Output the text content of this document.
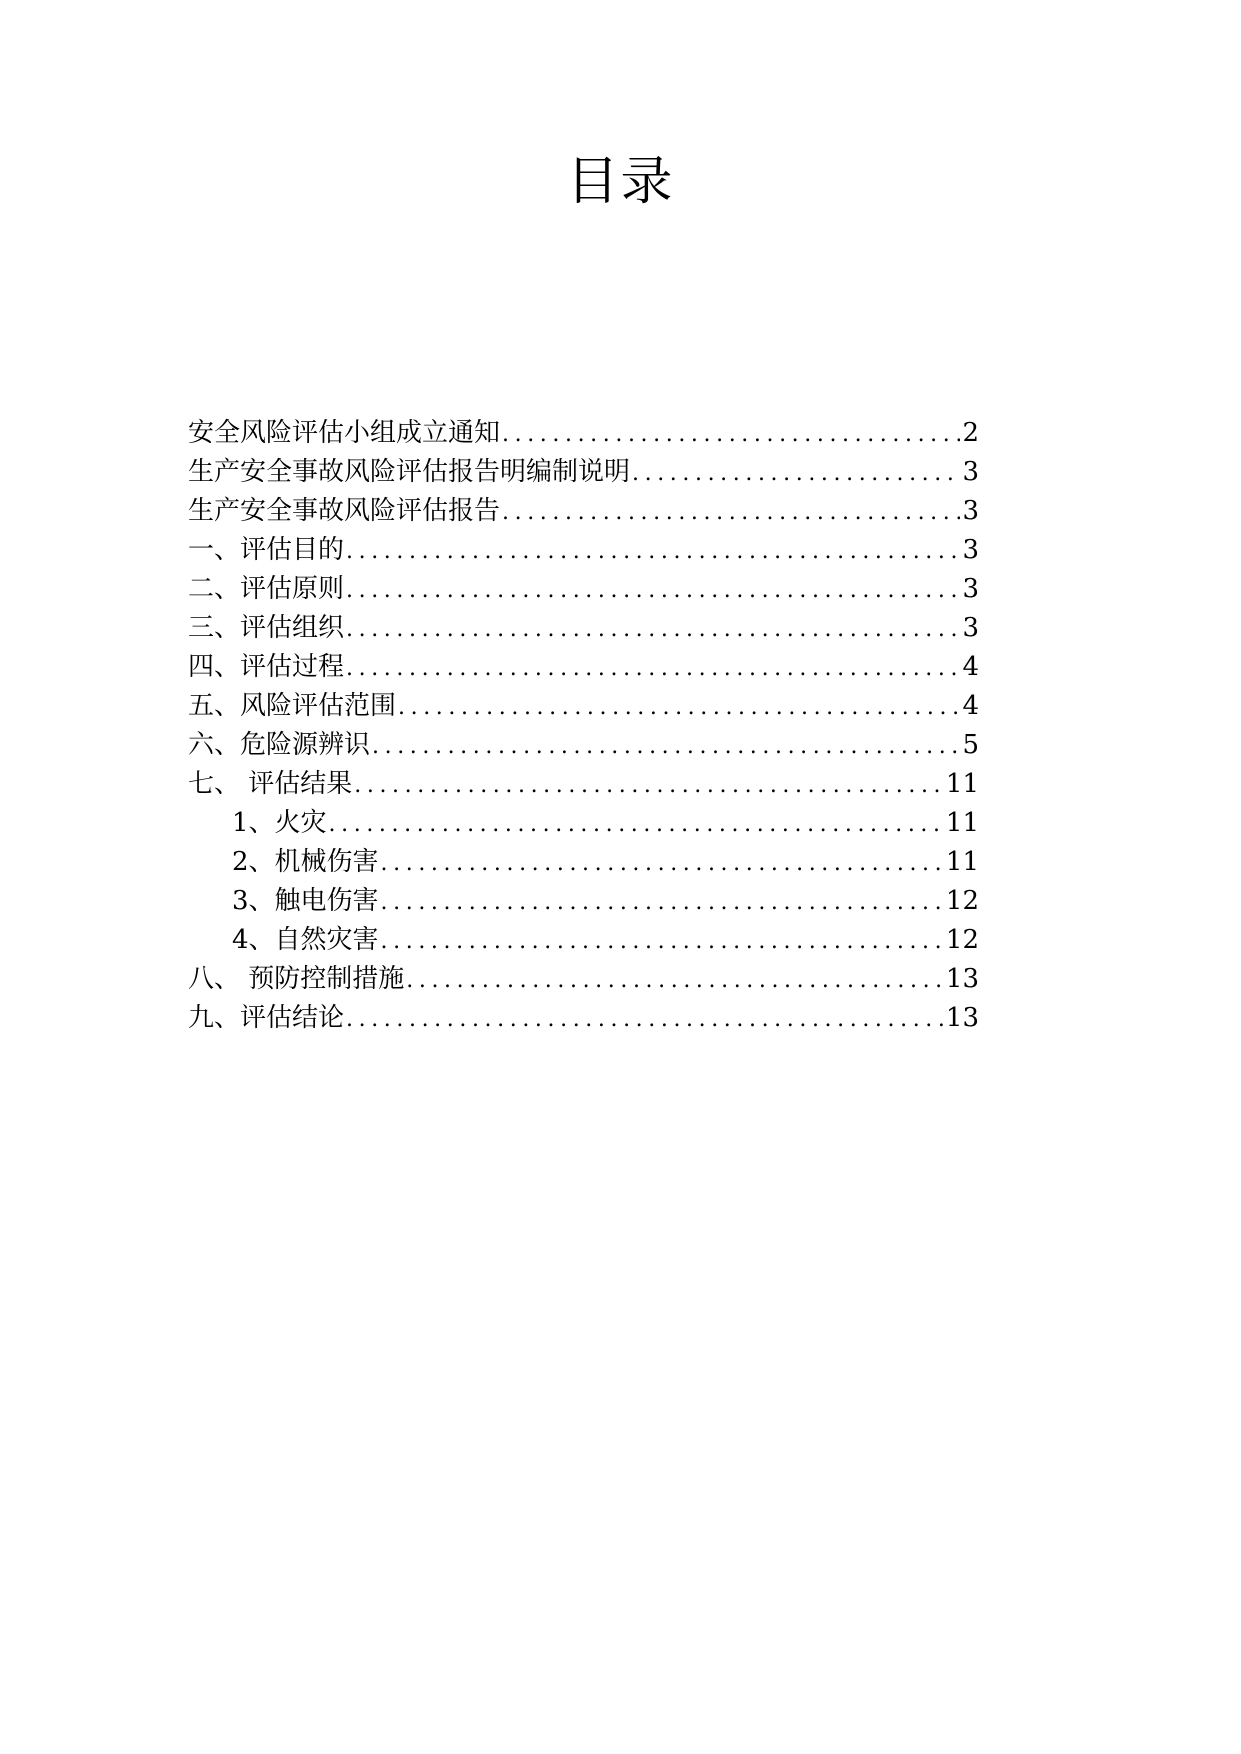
目录
安全风险评估小组成立通知 .....	2
生产安全事故风险评估报告明编制说明 .....	3
生产安全事故风险评估报告 .....	3
一、评估目的 .....	3
二、评估原则 .....	3
三、评估组织 .....	3
四、评估过程 .....	4
五、风险评估范围 .....	4
六、危险源辨识 .....	5
七、 评估结果 .....	11
1、火灾 .....	11
2、机械伤害 .....	11
3、触电伤害 .....	12
4、自然灾害 .....	12
八、 预防控制措施 .....	13
九、评估结论 .....	13
